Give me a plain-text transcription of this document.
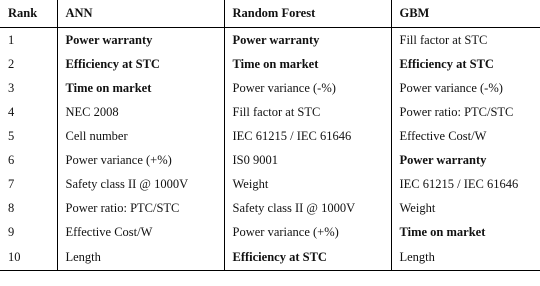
Rank	ANN	Random Forest	GBM
1	Power warranty	Power warranty	Fill factor at STC
2	Efficiency at STC	Time on market	Efficiency at STC
3	Time on market	Power variance (-%)	Power variance (-%)
4	NEC 2008	Fill factor at STC	Power ratio: PTC/STC
5	Cell number	IEC 61215 / IEC 61646	Effective Cost/W
6	Power variance (+%)	IS0 9001	Power warranty
7	Safety class II @ 1000V	Weight	IEC 61215 / IEC 61646
8	Power ratio: PTC/STC	Safety class II @ 1000V	Weight
9	Effective Cost/W	Power variance (+%)	Time on market
10	Length	Efficiency at STC	Length
